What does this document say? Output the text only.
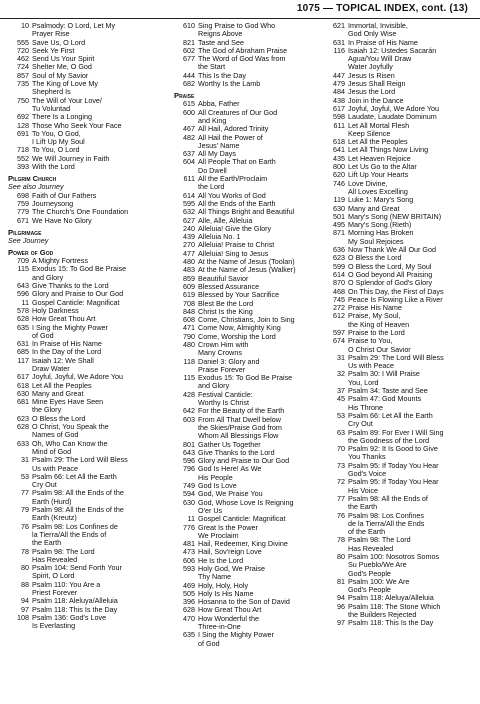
1075 — TOPICAL INDEX, cont. (13)
10 Psalmody: O Lord, Let My
Prayer Rise
555 Save Us, O Lord
720 Seek Ye First
462 Send Us Your Spirit
724 Shelter Me, O God
857 Soul of My Savior
735 The King of Love My
Shepherd Is
750 The Will of Your Love/
Tu Voluntad
692 There Is a Longing
128 Those Who Seek Your Face
691 To You, O God,
I Lift Up My Soul
718 To You, O Lord
552 We Will Journey in Faith
393 With the Lord
Pilgrim Church
See also Journey
698 Faith of Our Fathers
759 Journeysong
779 The Church's One Foundation
671 We Have No Glory
Pilgrimage
See Journey
Power of God
709 A Mighty Fortress
115 Exodus 15: To God Be Praise
and Glory
643 Give Thanks to the Lord
596 Glory and Praise to Our God
11 Gospel Canticle: Magnificat
578 Holy Darkness
628 How Great Thou Art
635 I Sing the Mighty Power
of God
631 In Praise of His Name
685 In the Day of the Lord
117 Isaiah 12: We Shall
Draw Water
617 Joyful, Joyful, We Adore You
618 Let All the Peoples
630 Many and Great
681 Mine Eyes Have Seen
the Glory
623 O Bless the Lord
628 O Christ, You Speak the
Names of God
633 Oh, Who Can Know the
Mind of God
31 Psalm 29: The Lord Will Bless
Us with Peace
53 Psalm 66: Let All the Earth
Cry Out
77 Psalm 98: All the Ends of the
Earth (Hurd)
79 Psalm 98: All the Ends of the
Earth (Kreutz)
76 Psalm 98: Los Confines de
la Tierra/All the Ends of
the Earth
78 Psalm 98: The Lord
Has Revealed
80 Psalm 104: Send Forth Your
Spirit, O Lord
88 Psalm 110: You Are a
Priest Forever
94 Psalm 118: Aleluya/Alleluia
97 Psalm 118: This Is the Day
108 Psalm 136: God's Love
Is Everlasting
610 Sing Praise to God Who
Reigns Above
821 Taste and See
602 The God of Abraham Praise
677 The Word of God Was from
the Start
444 This Is the Day
682 Worthy Is the Lamb
Praise
615 Abba, Father
600 All Creatures of Our God
and King
467 All Hail, Adored Trinity
482 All Hail the Power of
Jesus' Name
637 All My Days
604 All People That on Earth
Do Dwell
611 All the Earth/Proclaim
the Lord
614 All You Works of God
595 All the Ends of the Earth
632 All Things Bright and Beautiful
627 Alle, Alle, Alleluia
240 Alleluia! Give the Glory
439 Alleluia No. 1
270 Alleluia! Praise to Christ
477 Alleluia! Sing to Jesus
480 At the Name of Jesus (Toolan)
483 At the Name of Jesus (Walker)
859 Beautiful Savior
609 Blessed Assurance
619 Blessed by Your Sacrifice
708 Blest Be the Lord
848 Christ Is the King
608 Come, Christians, Join to Sing
471 Come Now, Almighty King
790 Come, Worship the Lord
480 Crown Him with
Many Crowns
118 Daniel 3: Glory and
Praise Forever
115 Exodus 15: To God Be Praise
and Glory
428 Festival Canticle:
Worthy Is Christ
642 For the Beauty of the Earth
603 From All That Dwell below
the Skies/Praise God from
Whom All Blessings Flow
801 Gather Us Together
643 Give Thanks to the Lord
596 Glory and Praise to Our God
796 God Is Here! As We
His People
749 God Is Love
594 God, We Praise You
630 God, Whose Love Is Reigning
O'er Us
11 Gospel Canticle: Magnificat
776 Great Is the Power
We Proclaim
481 Hail, Redeemer, King Divine
473 Hail, Sov'reign Love
606 He Is the Lord
593 Holy God, We Praise
Thy Name
469 Holy, Holy, Holy
505 Holy Is His Name
396 Hosanna to the Son of David
628 How Great Thou Art
470 How Wonderful the
Three-in-One
635 I Sing the Mighty Power
of God
621 Immortal, Invisible,
God Only Wise
631 In Praise of His Name
116 Isaiah 12: Ustedes Sacarán
Agua/You Will Draw
Water Joyfully
447 Jesus Is Risen
479 Jesus Shall Reign
484 Jesus the Lord
438 Join in the Dance
617 Joyful, Joyful, We Adore You
598 Laudate, Laudate Dominum
611 Let All Mortal Flesh
Keep Silence
618 Let All the Peoples
641 Let All Things Now Living
435 Let Heaven Rejoice
800 Let Us Go to the Altar
620 Lift Up Your Hearts
746 Love Divine,
All Loves Excelling
119 Luke 1: Mary's Song
630 Many and Great
501 Mary's Song (NEW BRITAIN)
495 Mary's Song (Rieth)
871 Morning Has Broken
My Soul Rejoices
636 Now Thank We All Our God
623 O Bless the Lord
599 O Bless the Lord, My Soul
614 O God beyond All Praising
870 O Splendor of God's Glory
468 On This Day, the First of Days
745 Peace Is Flowing Like a River
272 Praise His Name
612 Praise, My Soul,
the King of Heaven
597 Praise to the Lord
674 Praise to You,
O Christ Our Savior
31 Psalm 29: The Lord Will Bless
Us with Peace
32 Psalm 30: I Will Praise
You, Lord
37 Psalm 34: Taste and See
45 Psalm 47: God Mounts
His Throne
53 Psalm 66: Let All the Earth
Cry Out
63 Psalm 89: For Ever I Will Sing
the Goodness of the Lord
70 Psalm 92: It Is Good to Give
You Thanks
73 Psalm 95: If Today You Hear
God's Voice
72 Psalm 95: If Today You Hear
His Voice
77 Psalm 98: All the Ends of
the Earth
76 Psalm 98: Los Confines
de la Tierra/All the Ends
of the Earth
78 Psalm 98: The Lord
Has Revealed
80 Psalm 100: Nosotros Somos
Su Pueblo/We Are
God's People
81 Psalm 100: We Are
God's People
94 Psalm 118: Aleluya/Alleluia
96 Psalm 118: The Stone Which
the Builders Rejected
97 Psalm 118: This Is the Day
